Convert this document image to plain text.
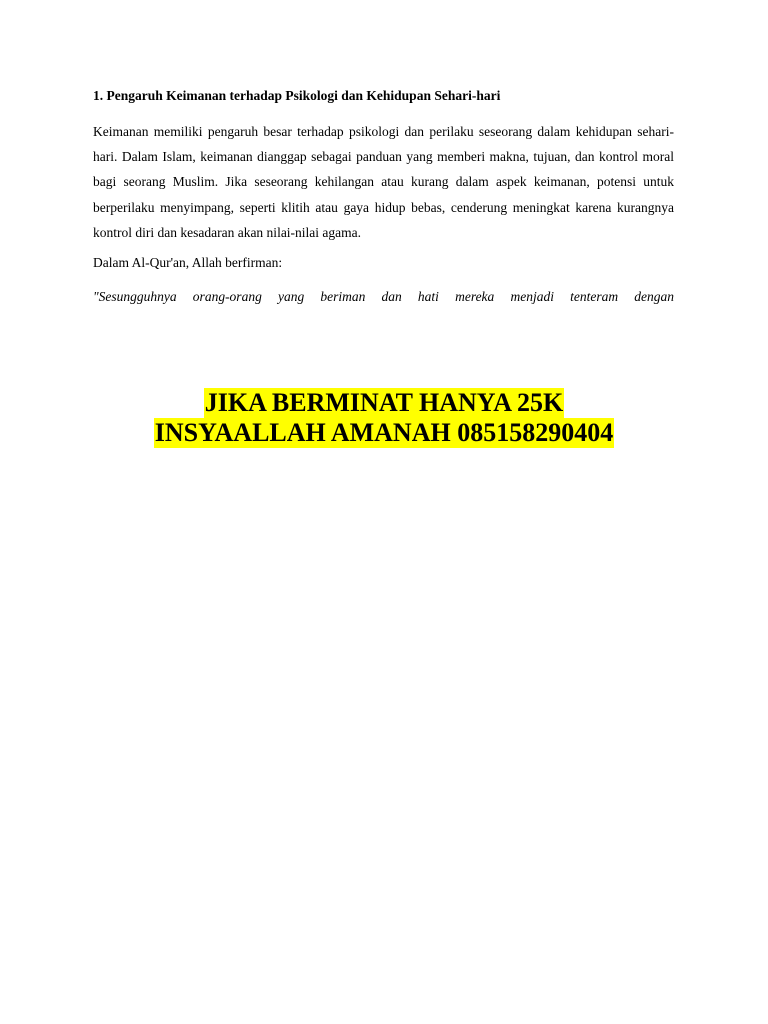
1. Pengaruh Keimanan terhadap Psikologi dan Kehidupan Sehari-hari

Keimanan memiliki pengaruh besar terhadap psikologi dan perilaku seseorang dalam kehidupan sehari-hari. Dalam Islam, keimanan dianggap sebagai panduan yang memberi makna, tujuan, dan kontrol moral bagi seorang Muslim. Jika seseorang kehilangan atau kurang dalam aspek keimanan, potensi untuk berperilaku menyimpang, seperti klitih atau gaya hidup bebas, cenderung meningkat karena kurangnya kontrol diri dan kesadaran akan nilai-nilai agama.

Dalam Al-Qur'an, Allah berfirman:

"Sesungguhnya orang-orang yang beriman dan hati mereka menjadi tenteram dengan

JIKA BERMINAT HANYA 25K
INSYAALLAH AMANAH 085158290404
